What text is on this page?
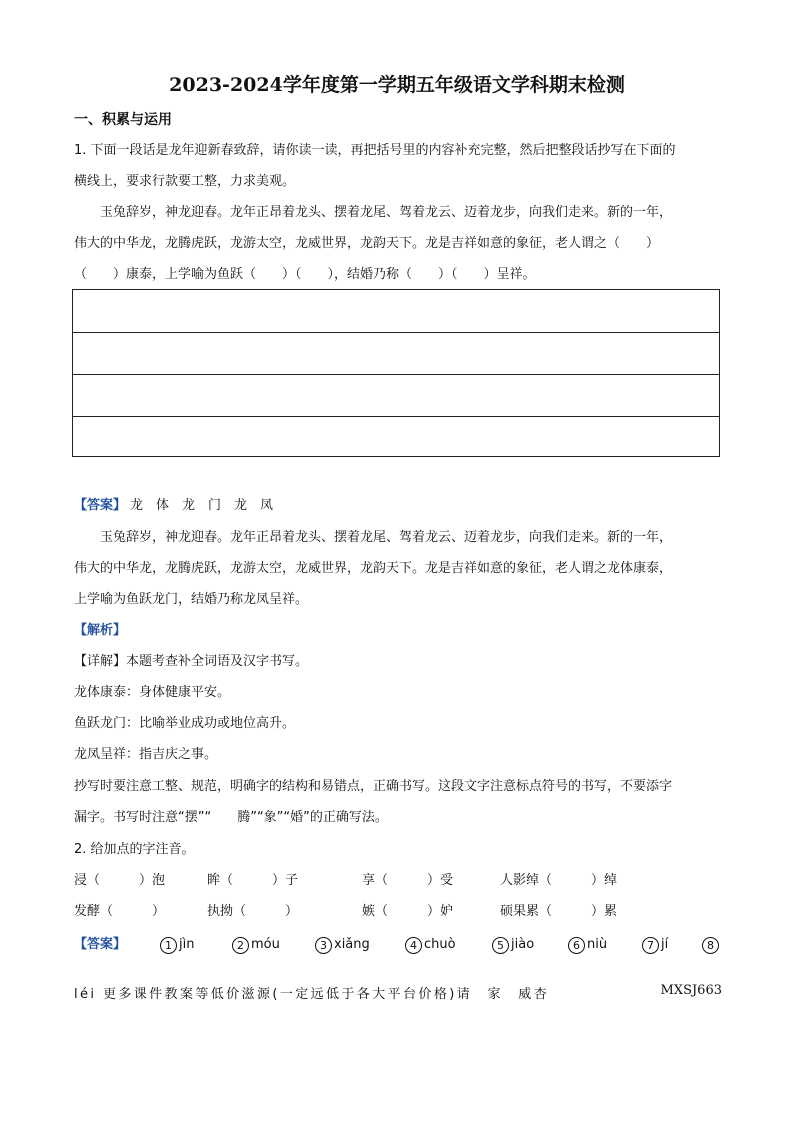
2023-2024学年度第一学期五年级语文学科期末检测
一、积累与运用
1. 下面一段话是龙年迎新春致辞，请你读一读，再把括号里的内容补充完整，然后把整段话抄写在下面的
横线上，要求行款要工整，力求美观。
玉兔辞岁，神龙迎春。龙年正昂着龙头、摆着龙尾、驾着龙云、迈着龙步，向我们走来。新的一年，
伟大的中华龙，龙腾虎跃，龙游太空，龙威世界，龙韵天下。龙是吉祥如意的象征，老人谓之（　　）
（　　）康泰，上学喻为鱼跃（　　）（　　），结婚乃称（　　）（　　）呈祥。
【答案】 龙　体　龙　门　龙　凤
玉兔辞岁，神龙迎春。龙年正昂着龙头、摆着龙尾、驾着龙云、迈着龙步，向我们走来。新的一年，
伟大的中华龙，龙腾虎跃，龙游太空，龙威世界，龙韵天下。龙是吉祥如意的象征，老人谓之龙体康泰，
上学喻为鱼跃龙门，结婚乃称龙凤呈祥。
【解析】
【详解】本题考查补全词语及汉字书写。
龙体康泰：身体健康平安。
鱼跃龙门：比喻举业成功或地位高升。
龙凤呈祥：指吉庆之事。
抄写时要注意工整、规范，明确字的结构和易错点，正确书写。这段文字注意标点符号的书写，不要添字
漏字。书写时注意“摆”“　　腾”“象”“婚”的正确写法。
2. 给加点的字注音。
浸（　　　）泡	眸（　　　）子	享（　　　）受	人影绰（　　　）绰
发酵（　　　）	执拗（　　　）	嫉（　　　）妒	硕果累（　　　）累
【答案】	1 jìn	2 móu	3 xiǎng	4 chuò	5 jiào	6 niù	7 jí	8
léi 更多课件教案等低价滋源(一定远低于各大平台价格)请　家　威杏	MXSJ663
